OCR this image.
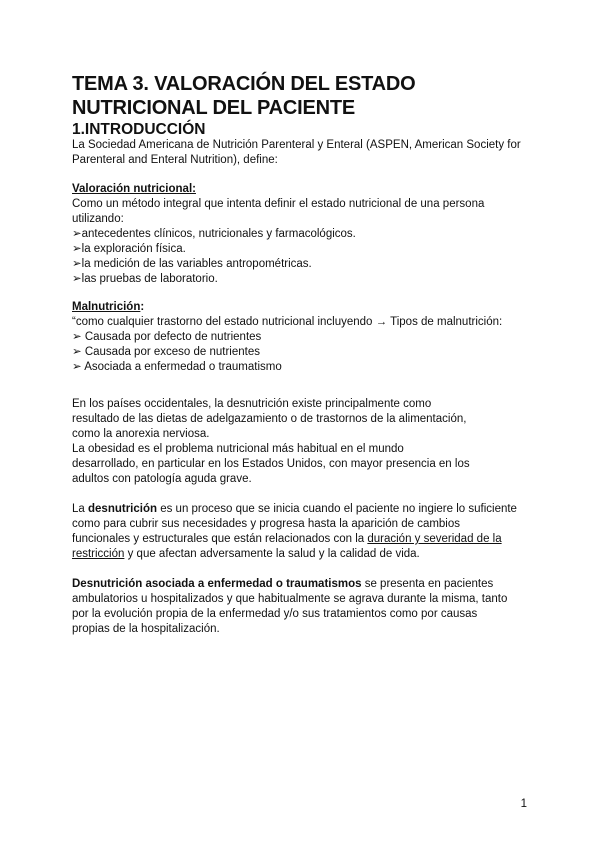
TEMA 3. VALORACIÓN DEL ESTADO NUTRICIONAL DEL PACIENTE
1.INTRODUCCIÓN

La Sociedad Americana de Nutrición Parenteral y Enteral (ASPEN, American Society for Parenteral and Enteral Nutrition), define:

Valoración nutricional:
Como un método integral que intenta definir el estado nutricional de una persona utilizando:
➢antecedentes clínicos, nutricionales y farmacológicos.
➢la exploración física.
➢la medición de las variables antropométricas.
➢las pruebas de laboratorio.
Malnutrición:
“como cualquier trastorno del estado nutricional incluyendo → Tipos de malnutrición:
➢ Causada por defecto de nutrientes
➢ Causada por exceso de nutrientes
➢ Asociada a enfermedad o traumatismo
En los países occidentales, la desnutrición existe principalmente como
resultado de las dietas de adelgazamiento o de trastornos de la alimentación,
como la anorexia nerviosa.
La obesidad es el problema nutricional más habitual en el mundo
desarrollado, en particular en los Estados Unidos, con mayor presencia en los
adultos con patología aguda grave.
La desnutrición es un proceso que se inicia cuando el paciente no ingiere lo suficiente
como para cubrir sus necesidades y progresa hasta la aparición de cambios
funcionales y estructurales que están relacionados con la duración y severidad de la
restricción y que afectan adversamente la salud y la calidad de vida.
Desnutrición asociada a enfermedad o traumatismos se presenta en pacientes
ambulatorios u hospitalizados y que habitualmente se agrava durante la misma, tanto
por la evolución propia de la enfermedad y/o sus tratamientos como por causas
propias de la hospitalización.
1
